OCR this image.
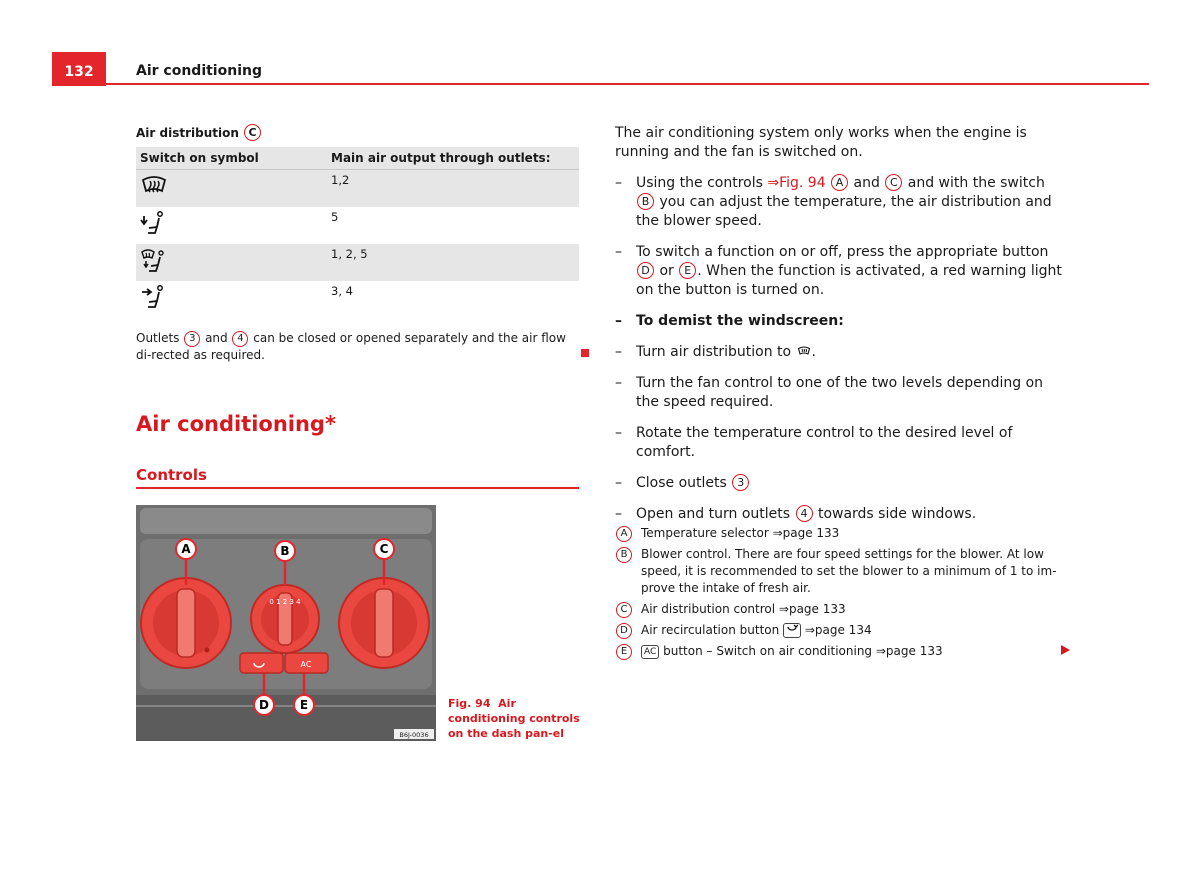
132	Air conditioning
Air distribution C
Switch on symbol	Main air output through outlets:
	1,2
	5
	1, 2, 5
	3, 4
Outlets 3 and 4 can be closed or opened separately and the air flow di-rected as required.
Air conditioning*
Controls
0 1 2 3 4
AC
A	B	C
D	E
B6J-0036
Fig. 94 Air conditioning controls on the dash pan-el

The air conditioning system only works when the engine is running and the fan is switched on.

– Using the controls ⇒Fig. 94 A and C and with the switch B you can adjust the temperature, the air distribution and the blower speed.
– To switch a function on or off, press the appropriate button D or E . When the function is activated, a red warning light on the button is turned on.
– To demist the windscreen:
– Turn air distribution to .
– Turn the fan control to one of the two levels depending on the speed required.
– Rotate the temperature control to the desired level of comfort.
– Close outlets 3
– Open and turn outlets 4 towards side windows.
A	Temperature selector ⇒page 133
B	Blower control. There are four speed settings for the blower. At low speed, it is recommended to set the blower to a minimum of 1 to im-prove the intake of fresh air.
C	Air distribution control ⇒page 133
D	Air recirculation button  ⇒page 134
E	AC button – Switch on air conditioning ⇒page 133
